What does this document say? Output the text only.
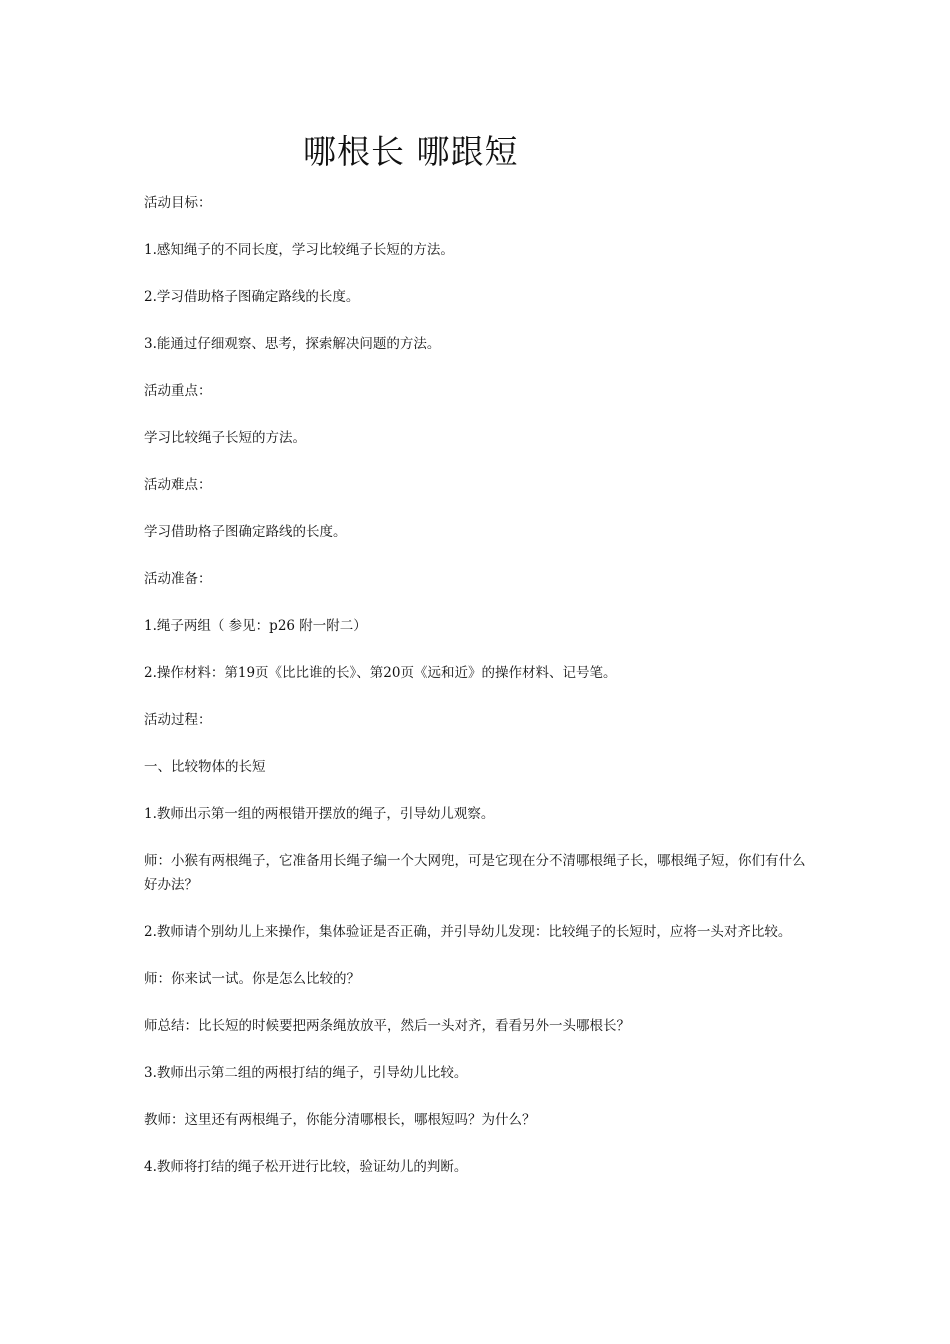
哪根长 哪跟短

活动目标：

1.感知绳子的不同长度，学习比较绳子长短的方法。

2.学习借助格子图确定路线的长度。

3.能通过仔细观察、思考，探索解决问题的方法。

活动重点：

学习比较绳子长短的方法。

活动难点：

学习借助格子图确定路线的长度。

活动准备：

1.绳子两组（ 参见：p26 附一附二）

2.操作材料：第19页《比比谁的长》、第20页《远和近》的操作材料、记号笔。

活动过程：

一、比较物体的长短

1.教师出示第一组的两根错开摆放的绳子，引导幼儿观察。

师：小猴有两根绳子，它准备用长绳子编一个大网兜，可是它现在分不清哪根绳子长，哪根绳子短，你们有什么好办法？

2.教师请个别幼儿上来操作，集体验证是否正确，并引导幼儿发现：比较绳子的长短时，应将一头对齐比较。

师：你来试一试。你是怎么比较的？

师总结：比长短的时候要把两条绳放放平，然后一头对齐，看看另外一头哪根长？

3.教师出示第二组的两根打结的绳子，引导幼儿比较。

教师：这里还有两根绳子，你能分清哪根长，哪根短吗？为什么？

4.教师将打结的绳子松开进行比较，验证幼儿的判断。
